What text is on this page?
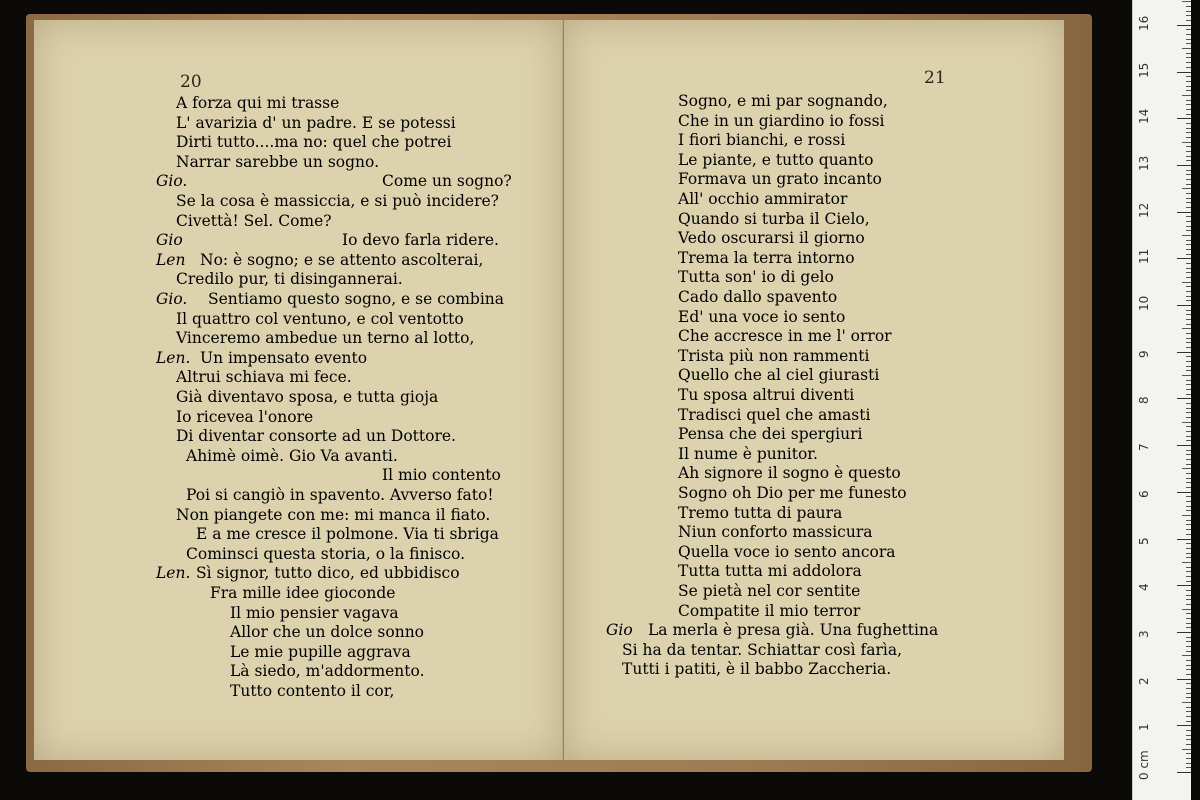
20	21
A forza qui mi trasse
L' avarizia d' un padre. E se potessi
Dirti tutto....ma no: quel che potrei
Narrar sarebbe un sogno.
Gio.	Come un sogno?
Se la cosa è massiccia, e si può incidere?
Civettà! Sel. Come?
Gio	Io devo farla ridere.
Len No: è sogno; e se attento ascolterai,
Credilo pur, ti disingannerai.
Gio. Sentiamo questo sogno, e se combina
Il quattro col ventuno, e col ventotto
Vinceremo ambedue un terno al lotto,
Len. Un impensato evento
Altrui schiava mi fece.
Già diventavo sposa, e tutta gioja
Io ricevea l'onore
Di diventar consorte ad un Dottore.
Ahimè oimè. Gio Va avanti.
Il mio contento
Poi si cangiò in spavento. Avverso fato!
Non piangete con me: mi manca il fiato.
E a me cresce il polmone. Via ti sbriga
Cominsci questa storia, o la finisco.
Len. Sì signor, tutto dico, ed ubbidisco
Fra mille idee gioconde
Il mio pensier vagava
Allor che un dolce sonno
Le mie pupille aggrava
Là siedo, m'addormento.
Tutto contento il cor,
Sogno, e mi par sognando,
Che in un giardino io fossi
I fiori bianchi, e rossi
Le piante, e tutto quanto
Formava un grato incanto
All' occhio ammirator
Quando si turba il Cielo,
Vedo oscurarsi il giorno
Trema la terra intorno
Tutta son' io di gelo
Cado dallo spavento
Ed' una voce io sento
Che accresce in me l' orror
Trista più non rammenti
Quello che al ciel giurasti
Tu sposa altrui diventi
Tradisci quel che amasti
Pensa che dei spergiuri
Il nume è punitor.
Ah signore il sogno è questo
Sogno oh Dio per me funesto
Tremo tutta di paura
Niun conforto massicura
Quella voce io sento ancora
Tutta tutta mi addolora
Se pietà nel cor sentite
Compatite il mio terror
Gio La merla è presa già. Una fughettina
Si ha da tentar. Schiattar così farìa,
Tutti i patiti, è il babbo Zaccheria.
0 cm
1
2
3
4
5
6
7
8
9
10
11
12
13
14
15
16
